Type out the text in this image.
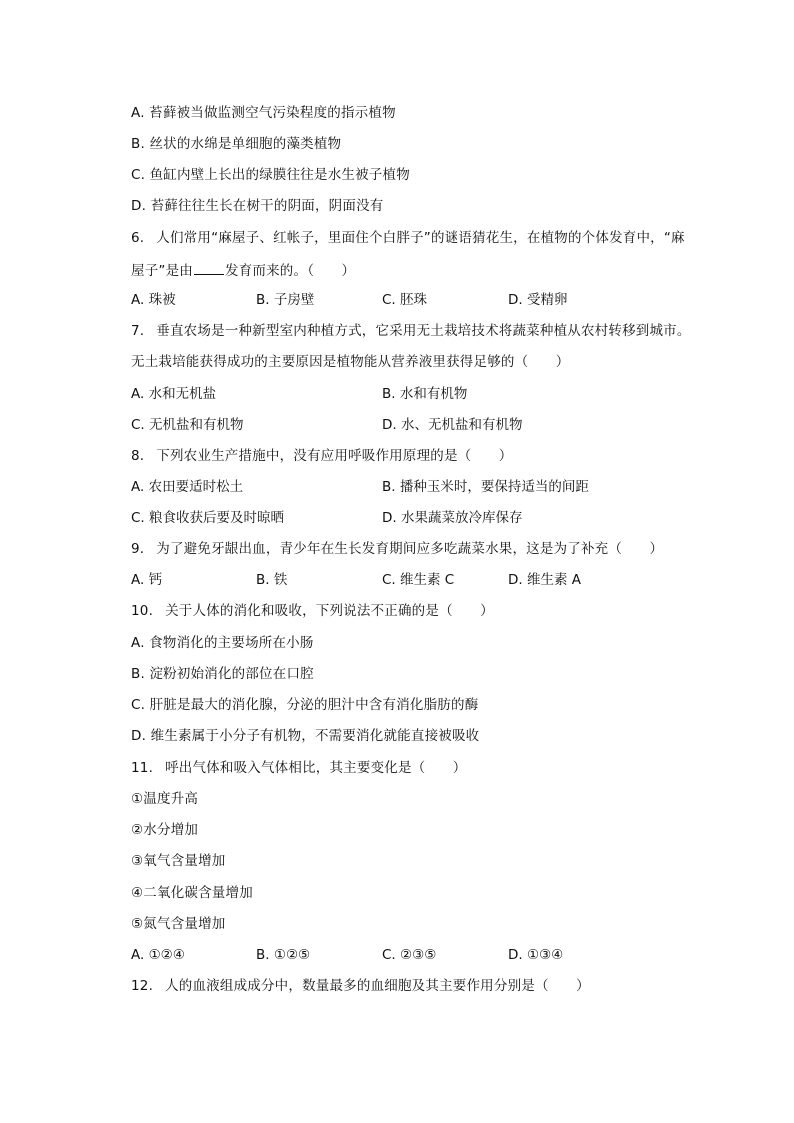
A. 苔藓被当做监测空气污染程度的指示植物
B. 丝状的水绵是单细胞的藻类植物
C. 鱼缸内壁上长出的绿膜往往是水生被子植物
D. 苔藓往往生长在树干的阴面，阴面没有
6. 人们常用“麻屋子、红帐子，里面住个白胖子”的谜语猜花生，在植物的个体发育中，“麻
屋子”是由 发育而来的。（　　）
A. 珠被	B. 子房壁	C. 胚珠	D. 受精卵
7. 垂直农场是一种新型室内种植方式，它采用无土栽培技术将蔬菜种植从农村转移到城市。
无土栽培能获得成功的主要原因是植物能从营养液里获得足够的（　　）
A. 水和无机盐	B. 水和有机物
C. 无机盐和有机物	D. 水、无机盐和有机物
8. 下列农业生产措施中，没有应用呼吸作用原理的是（　　）
A. 农田要适时松土	B. 播种玉米时，要保持适当的间距
C. 粮食收获后要及时晾晒	D. 水果蔬菜放冷库保存
9. 为了避免牙龈出血，青少年在生长发育期间应多吃蔬菜水果，这是为了补充（　　）
A. 钙	B. 铁	C. 维生素 C	D. 维生素 A
10. 关于人体的消化和吸收，下列说法不正确的是（　　）
A. 食物消化的主要场所在小肠
B. 淀粉初始消化的部位在口腔
C. 肝脏是最大的消化腺，分泌的胆汁中含有消化脂肪的酶
D. 维生素属于小分子有机物，不需要消化就能直接被吸收
11. 呼出气体和吸入气体相比，其主要变化是（　　）
①温度升高
②水分增加
③氧气含量增加
④二氧化碳含量增加
⑤氮气含量增加
A. ①②④	B. ①②⑤	C. ②③⑤	D. ①③④
12. 人的血液组成成分中，数量最多的血细胞及其主要作用分别是（　　）
